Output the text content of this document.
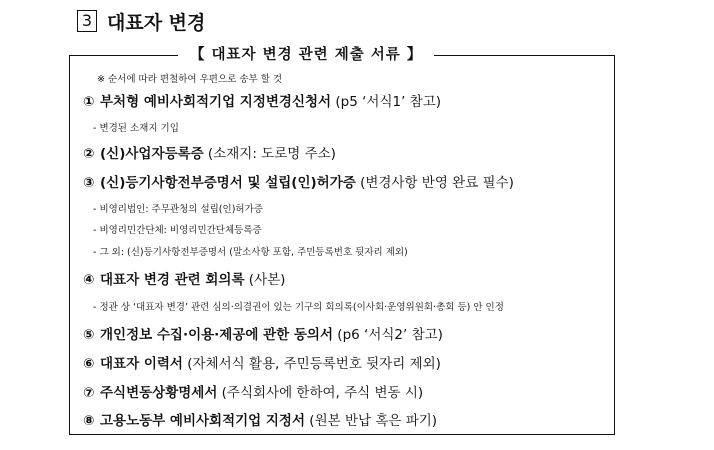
3 대표자 변경
【 대표자 변경 관련 제출 서류 】
※ 순서에 따라 편철하여 우편으로 송부 할 것
① 부처형 예비사회적기업 지정변경신청서 (p5 ‘서식1’ 참고)
- 변경된 소재지 기입
② (신)사업자등록증 (소재지: 도로명 주소)
③ (신)등기사항전부증명서 및 설립(인)허가증 (변경사항 반영 완료 필수)
- 비영리법인: 주무관청의 설립(인)허가증
- 비영리민간단체: 비영리민간단체등록증
- 그 외: (신)등기사항전부증명서 (말소사항 포함, 주민등록번호 뒷자리 제외)
④ 대표자 변경 관련 회의록 (사본)
- 정관 상 ‘대표자 변경’ 관련 심의·의결권이 있는 기구의 회의록(이사회·운영위원회·총회 등) 안 인정
⑤ 개인정보 수집·이용·제공에 관한 동의서 (p6 ‘서식2’ 참고)
⑥ 대표자 이력서 (자체서식 활용, 주민등록번호 뒷자리 제외)
⑦ 주식변동상황명세서 (주식회사에 한하여, 주식 변동 시)
⑧ 고용노동부 예비사회적기업 지정서 (원본 반납 혹은 파기)
